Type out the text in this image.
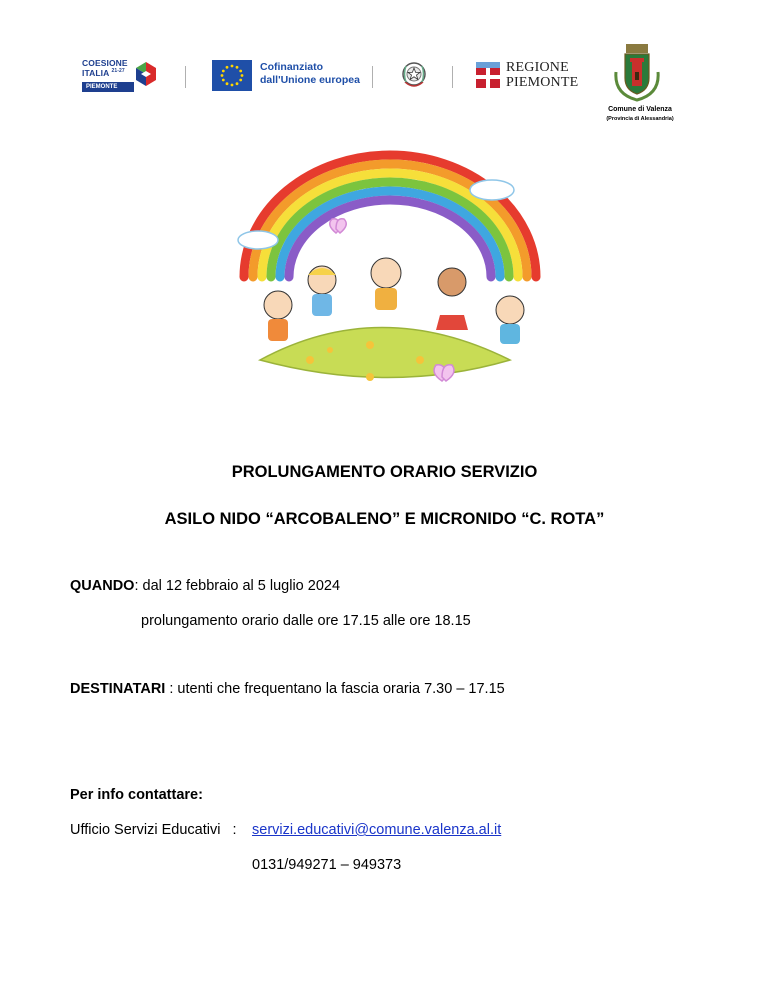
COESIONE
ITALIA $^{21-27}$
PIEMONTE
Cofinanziato
dall'Unione europea
REGIONE
PIEMONTE
Comune di Valenza
(Provincia di Alessandria)
PROLUNGAMENTO ORARIO SERVIZIO
ASILO NIDO “ARCOBALENO” E MICRONIDO “C. ROTA”
QUANDO: dal 12 febbraio al 5 luglio 2024
prolungamento orario dalle ore 17.15 alle ore 18.15
DESTINATARI : utenti che frequentano la fascia oraria 7.30 – 17.15
Per info contattare:
Ufficio Servizi Educativi   : servizi.educativi@comune.valenza.al.it
0131/949271 – 949373
